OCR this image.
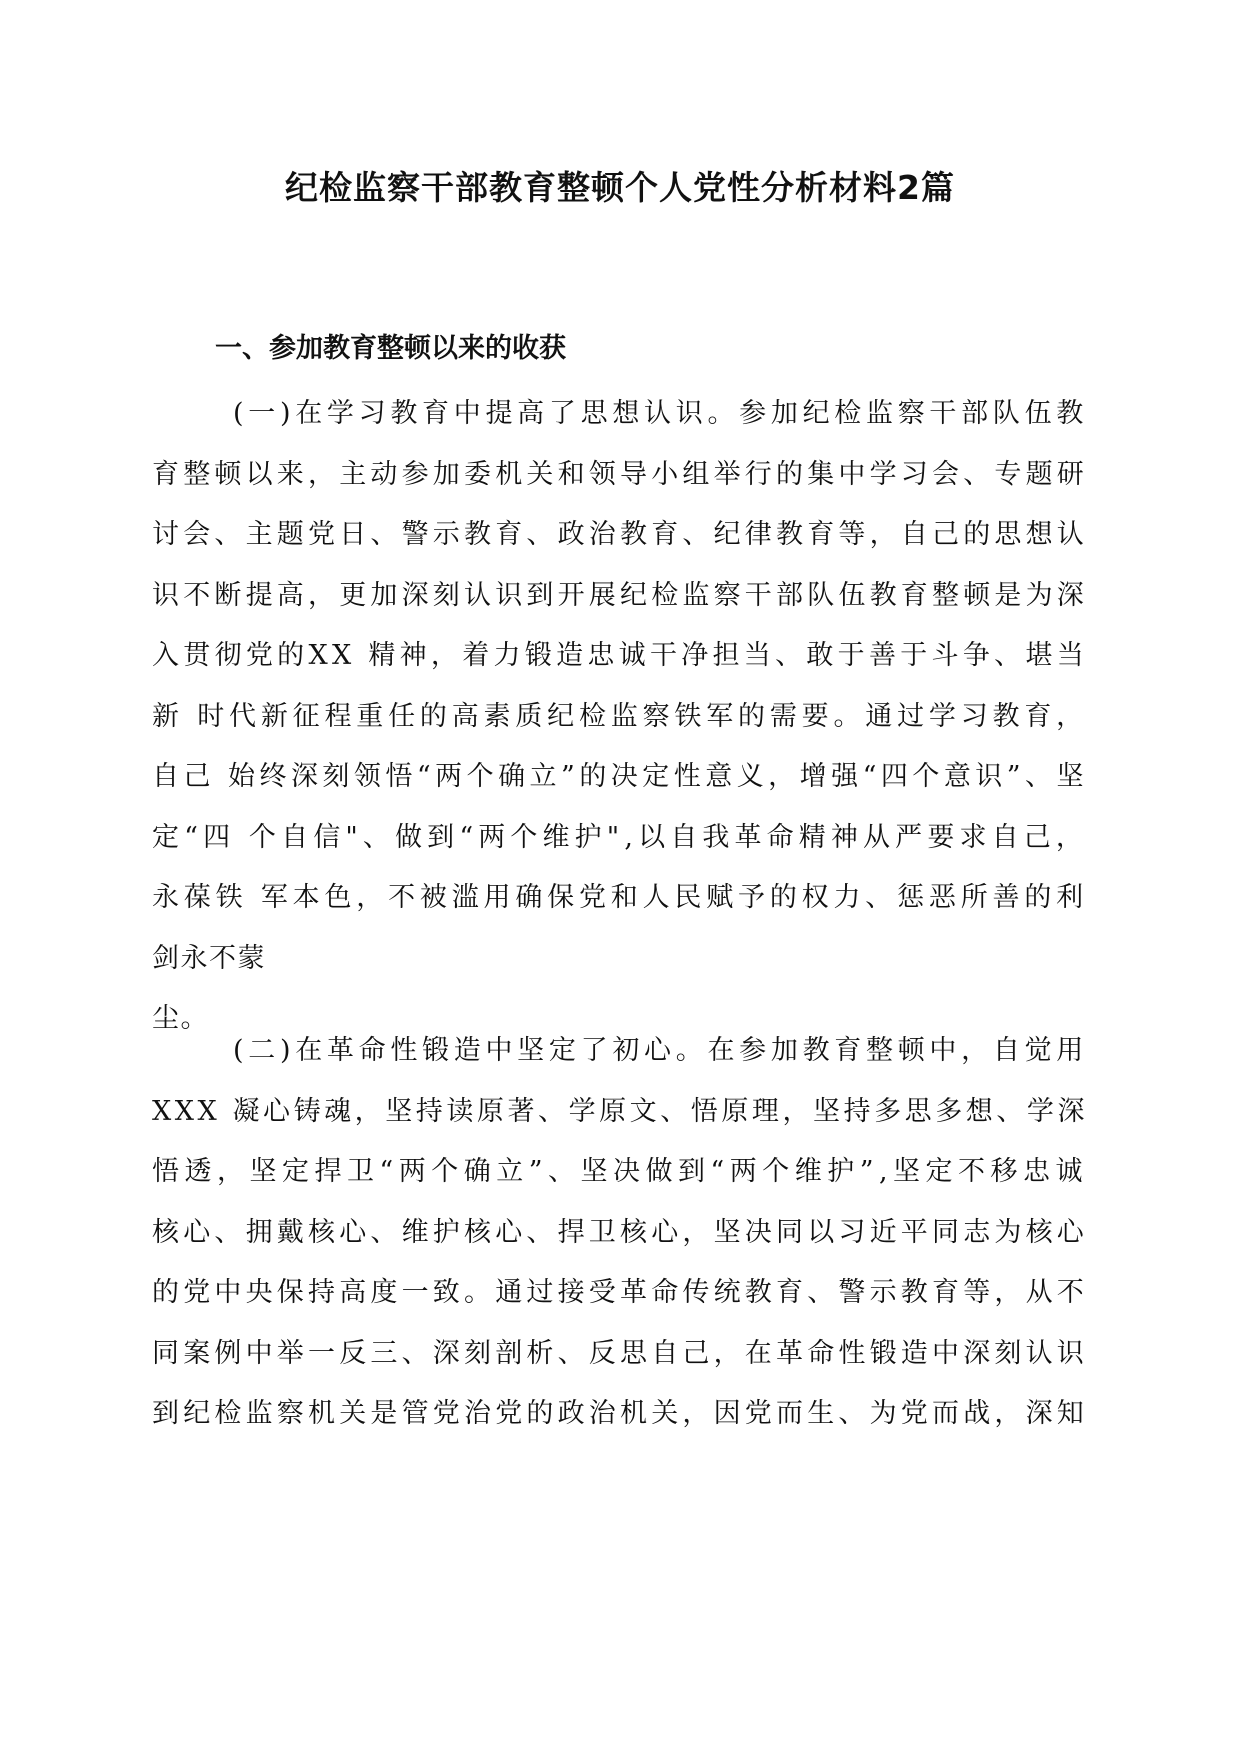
纪检监察干部教育整顿个人党性分析材料2篇
一、参加教育整顿以来的收获
(一)在学习教育中提高了思想认识。参加纪检监察干部队伍教
育整顿以来，主动参加委机关和领导小组举行的集中学习会、专题研
讨会、主题党日、警示教育、政治教育、纪律教育等，自己的思想认
识不断提高，更加深刻认识到开展纪检监察干部队伍教育整顿是为深
入贯彻党的XX 精神，着力锻造忠诚干净担当、敢于善于斗争、堪当
新 时代新征程重任的高素质纪检监察铁军的需要。通过学习教育，
自己 始终深刻领悟“两个确立”的决定性意义，增强“四个意识”、坚
定“四 个自信"、做到“两个维护",以自我革命精神从严要求自己，
永葆铁 军本色，不被滥用确保党和人民赋予的权力、惩恶所善的利
剑永不蒙
尘。
(二)在革命性锻造中坚定了初心。在参加教育整顿中，自觉用
XXX 凝心铸魂，坚持读原著、学原文、悟原理，坚持多思多想、学深
悟透，坚定捍卫“两个确立”、坚决做到“两个维护”,坚定不移忠诚
核心、拥戴核心、维护核心、捍卫核心，坚决同以习近平同志为核心
的党中央保持高度一致。通过接受革命传统教育、警示教育等，从不
同案例中举一反三、深刻剖析、反思自己，在革命性锻造中深刻认识
到纪检监察机关是管党治党的政治机关，因党而生、为党而战，深知
